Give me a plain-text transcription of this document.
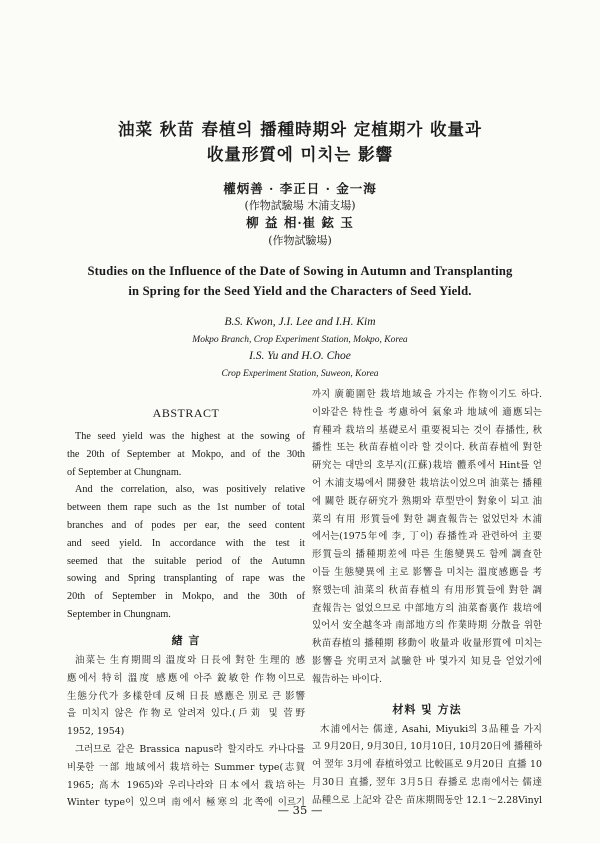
油菜 秋苗 春植의 播種時期와 定植期가 收量과
收量形質에 미치는 影響
權炳善 · 李正日 · 金一海
(作物試驗場 木浦支場)
柳 益 相·崔 鉉 玉
(作物試驗場)
Studies on the Influence of the Date of Sowing in Autumn and Transplanting
in Spring for the Seed Yield and the Characters of Seed Yield.
B.S. Kwon, J.I. Lee and I.H. Kim
Mokpo Branch, Crop Experiment Station, Mokpo, Korea
I.S. Yu and H.O. Choe
Crop Experiment Station, Suweon, Korea
ABSTRACT
The seed yield was the highest at the sowing of
the 20th of September at Mokpo, and of the 30th
of September at Chungnam.
And the correlation, also, was positively relative
between them rape such as the 1st number of total
branches and of podes per ear, the seed content
and seed yield. In accordance with the test it
seemed that the suitable period of the Autumn
sowing and Spring transplanting of rape was the
20th of September in Mokpo, and the 30th of
September in Chungnam.
緖 言
油菜는 生育期間의 溫度와 日長에 對한 生理的 感
應에서 特히 溫度 感應에 아주 銳敏한 作物이므로
生態分代가 多樣한데 反해 日長 感應은 別로 큰 影響
을 미치지 않은 作物로 알려져 있다.(戶苅 및 菅野
1952, 1954)
그러므로 같은 Brassica napus라 할지라도 카나다를
비롯한 一部 地域에서 栽培하는 Summer type(志賀
1965; 高木 1965)와 우리나라와 日本에서 栽培하는
Winter type이 있으며 南에서 極寒의 北쪽에 이르기
까지 廣範圍한 栽培地域을 가지는 作物이기도 하다.
이와같은 特性을 考慮하여 氣象과 地域에 適應되는
育種과 栽培의 基礎로서 重要視되는 것이 春播性, 秋
播性 또는 秋苗春植이라 할 것이다. 秋苗春植에 對한
硏究는 대만의 호부지(江蘇)栽培 體系에서 Hint를 얻
어 木浦支場에서 開發한 栽培法이었으며 油菜는 播種
에 關한 既存硏究가 熟期와 草型만이 對象이 되고 油
菜의 有用 形質들에 對한 調査報告는 없었던차 木浦
에서는(1975年에 李, 丁이) 春播性과 관련하여 主要
形質들의 播種期差에 따른 生態變異도 함께 調査한
이들 生態變異에 主로 影響을 미치는 溫度感應을 考
察했는데 油菜의 秋苗春植의 有用形質들에 對한 調
査報告는 없었으므로 中部地方의 油菜畜裏作 栽培에
있어서 安全越冬과 南部地方의 作業時期 分散을 위한
秋苗春植의 播種期 移動이 收量과 收量形質에 미치는
影響을 究明코저 試驗한 바 몇가지 知見을 얻었기에
報告하는 바이다.
材料 및 方法
木浦에서는 儒達, Asahi, Miyuki의 3品種을 가지
고 9月20日, 9月30日, 10月10日, 10月20日에 播種하
여 翌年 3月에 春植하였고 比較區로 9月20日 直播 10
月30日 直播, 翌年 3月5日 春播로 忠南에서는 儒達
品種으로 上記와 같은 苗床期間동안 12.1～2.28Vinyl
— 35 —
